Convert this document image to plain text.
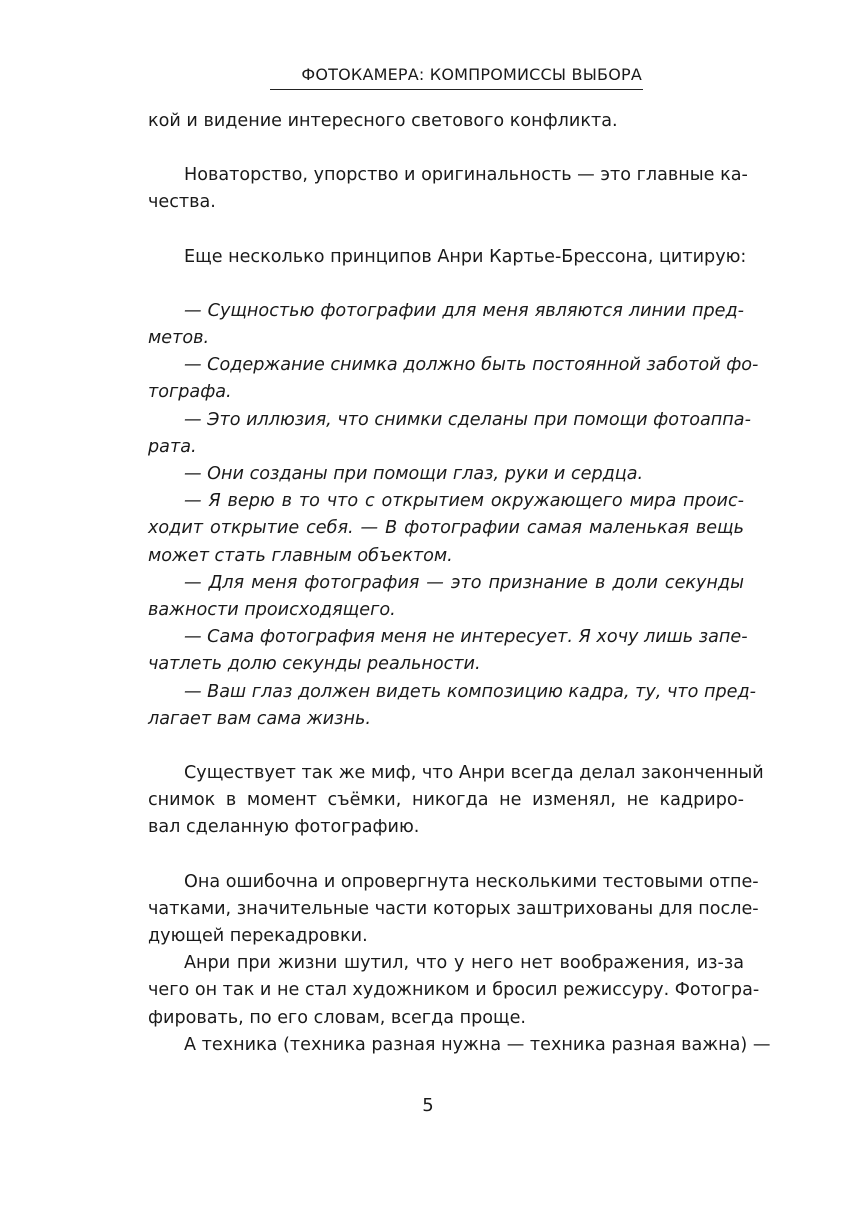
ФОТОКАМЕРА: КОМПРОМИССЫ ВЫБОРА

кой и видение интересного светового конфликта.

Новаторство, упорство и оригинальность — это главные ка-
чества.

Еще несколько принципов Анри Картье-Брессона, цитирую:

— Сущностью фотографии для меня являются линии пред-
метов.

— Содержание снимка должно быть постоянной заботой фо-
тографа.

— Это иллюзия, что снимки сделаны при помощи фотоаппа-
рата.

— Они созданы при помощи глаз, руки и сердца.

— Я верю в то что с открытием окружающего мира проис-
ходит открытие себя. — В фотографии самая маленькая вещь
может стать главным объектом.

— Для меня фотография — это признание в доли секунды
важности происходящего.

— Сама фотография меня не интересует. Я хочу лишь запе-
чатлеть долю секунды реальности.

— Ваш глаз должен видеть композицию кадра, ту, что пред-
лагает вам сама жизнь.

Существует так же миф, что Анри всегда делал законченный
снимок в момент съёмки, никогда не изменял, не кадриро-
вал сделанную фотографию.

Она ошибочна и опровергнута несколькими тестовыми отпе-
чатками, значительные части которых заштрихованы для после-
дующей перекадровки.

Анри при жизни шутил, что у него нет воображения, из-за
чего он так и не стал художником и бросил режиссуру. Фотогра-
фировать, по его словам, всегда проще.

А техника (техника разная нужна — техника разная важна) —

5
